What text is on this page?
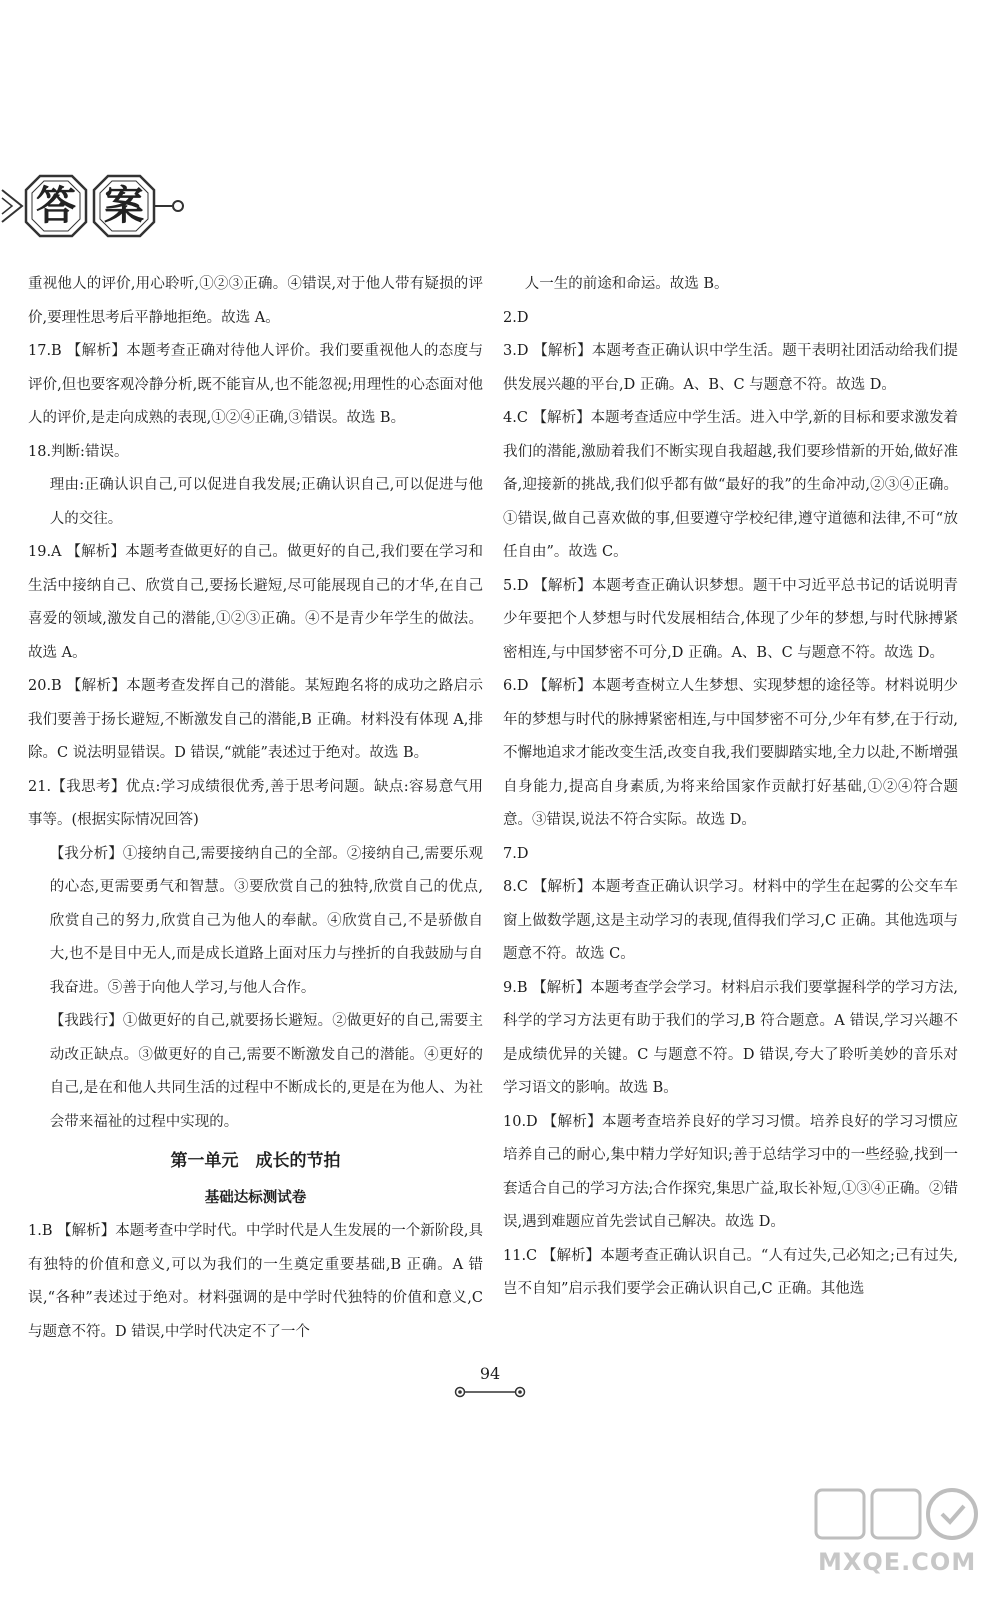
答 案

重视他人的评价,用心聆听,①②③正确。④错误,对于他人带有疑损的评价,要理性思考后平静地拒绝。故选 A。

17.B 【解析】本题考查正确对待他人评价。我们要重视他人的态度与评价,但也要客观冷静分析,既不能盲从,也不能忽视;用理性的心态面对他人的评价,是走向成熟的表现,①②④正确,③错误。故选 B。

18.判断:错误。

理由:正确认识自己,可以促进自我发展;正确认识自己,可以促进与他人的交往。

19.A 【解析】本题考查做更好的自己。做更好的自己,我们要在学习和生活中接纳自己、欣赏自己,要扬长避短,尽可能展现自己的才华,在自己喜爱的领域,激发自己的潜能,①②③正确。④不是青少年学生的做法。故选 A。

20.B 【解析】本题考查发挥自己的潜能。某短跑名将的成功之路启示我们要善于扬长避短,不断激发自己的潜能,B 正确。材料没有体现 A,排除。C 说法明显错误。D 错误,“就能”表述过于绝对。故选 B。

21.【我思考】优点:学习成绩很优秀,善于思考问题。缺点:容易意气用事等。(根据实际情况回答)

【我分析】①接纳自己,需要接纳自己的全部。②接纳自己,需要乐观的心态,更需要勇气和智慧。③要欣赏自己的独特,欣赏自己的优点,欣赏自己的努力,欣赏自己为他人的奉献。④欣赏自己,不是骄傲自大,也不是目中无人,而是成长道路上面对压力与挫折的自我鼓励与自我奋进。⑤善于向他人学习,与他人合作。

【我践行】①做更好的自己,就要扬长避短。②做更好的自己,需要主动改正缺点。③做更好的自己,需要不断激发自己的潜能。④更好的自己,是在和他人共同生活的过程中不断成长的,更是在为他人、为社会带来福祉的过程中实现的。

第一单元　成长的节拍
基础达标测试卷

1.B 【解析】本题考查中学时代。中学时代是人生发展的一个新阶段,具有独特的价值和意义,可以为我们的一生奠定重要基础,B 正确。A 错误,“各种”表述过于绝对。材料强调的是中学时代独特的价值和意义,C 与题意不符。D 错误,中学时代决定不了一个

人一生的前途和命运。故选 B。

2.D

3.D 【解析】本题考查正确认识中学生活。题干表明社团活动给我们提供发展兴趣的平台,D 正确。A、B、C 与题意不符。故选 D。

4.C 【解析】本题考查适应中学生活。进入中学,新的目标和要求激发着我们的潜能,激励着我们不断实现自我超越,我们要珍惜新的开始,做好准备,迎接新的挑战,我们似乎都有做“最好的我”的生命冲动,②③④正确。①错误,做自己喜欢做的事,但要遵守学校纪律,遵守道德和法律,不可“放任自由”。故选 C。

5.D 【解析】本题考查正确认识梦想。题干中习近平总书记的话说明青少年要把个人梦想与时代发展相结合,体现了少年的梦想,与时代脉搏紧密相连,与中国梦密不可分,D 正确。A、B、C 与题意不符。故选 D。

6.D 【解析】本题考查树立人生梦想、实现梦想的途径等。材料说明少年的梦想与时代的脉搏紧密相连,与中国梦密不可分,少年有梦,在于行动,不懈地追求才能改变生活,改变自我,我们要脚踏实地,全力以赴,不断增强自身能力,提高自身素质,为将来给国家作贡献打好基础,①②④符合题意。③错误,说法不符合实际。故选 D。

7.D

8.C 【解析】本题考查正确认识学习。材料中的学生在起雾的公交车车窗上做数学题,这是主动学习的表现,值得我们学习,C 正确。其他选项与题意不符。故选 C。

9.B 【解析】本题考查学会学习。材料启示我们要掌握科学的学习方法,科学的学习方法更有助于我们的学习,B 符合题意。A 错误,学习兴趣不是成绩优异的关键。C 与题意不符。D 错误,夸大了聆听美妙的音乐对学习语文的影响。故选 B。

10.D 【解析】本题考查培养良好的学习习惯。培养良好的学习习惯应培养自己的耐心,集中精力学好知识;善于总结学习中的一些经验,找到一套适合自己的学习方法;合作探究,集思广益,取长补短,①③④正确。②错误,遇到难题应首先尝试自己解决。故选 D。

11.C 【解析】本题考查正确认识自己。“人有过失,己必知之;己有过失,岂不自知”启示我们要学会正确认识自己,C 正确。其他选

94
MXQE.COM
